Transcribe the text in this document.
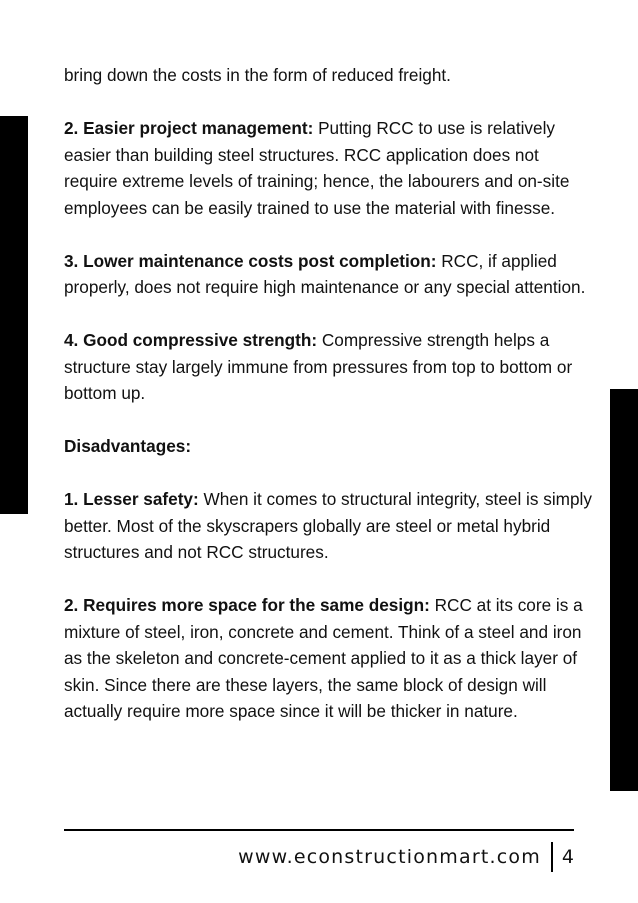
bring down the costs in the form of reduced freight.

2. Easier project management: Putting RCC to use is relatively easier than building steel structures. RCC application does not require extreme levels of training; hence, the labourers and on-site employees can be easily trained to use the material with finesse.

3. Lower maintenance costs post completion: RCC, if applied properly, does not require high maintenance or any special attention.

4. Good compressive strength: Compressive strength helps a structure stay largely immune from pressures from top to bottom or bottom up.

Disadvantages:

1. Lesser safety: When it comes to structural integrity, steel is simply better. Most of the skyscrapers globally are steel or metal hybrid structures and not RCC structures.

2. Requires more space for the same design: RCC at its core is a mixture of steel, iron, concrete and cement. Think of a steel and iron as the skeleton and concrete-cement applied to it as a thick layer of skin. Since there are these layers, the same block of design will actually require more space since it will be thicker in nature.

www.econstructionmart.com 4
